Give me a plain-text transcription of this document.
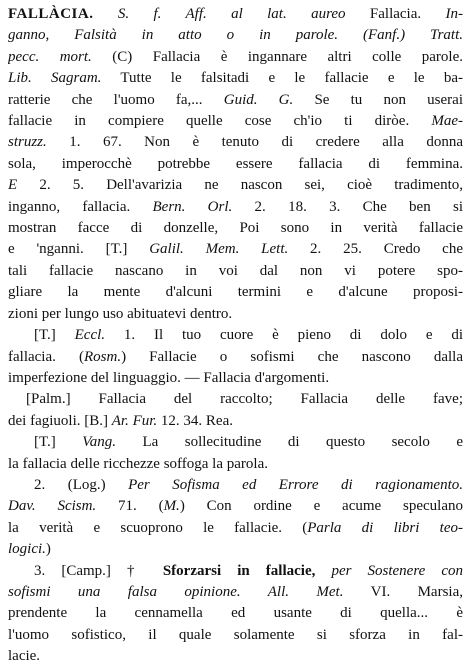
FALLÀCIA. S. f. Aff. al lat. aureo Fallacia. In-
ganno, Falsità in atto o in parole. (Fanf.) Tratt.
pecc. mort. (C) Fallacia è ingannare altri colle parole.
Lib. Sagram. Tutte le falsitadi e le fallacie e le ba-
ratterie che l'uomo fa,... Guid. G. Se tu non userai
fallacie in compiere quelle cose ch'io ti diròe. Mae-
struzz. 1. 67. Non è tenuto di credere alla donna
sola, imperocchè potrebbe essere fallacia di femmina.
E 2. 5. Dell'avarizia ne nascon sei, cioè tradimento,
inganno, fallacia. Bern. Orl. 2. 18. 3. Che ben si
mostran facce di donzelle, Poi sono in verità fallacie
e 'nganni. [T.] Galil. Mem. Lett. 2. 25. Credo che
tali fallacie nascano in voi dal non vi potere spo-
gliare la mente d'alcuni termini e d'alcune proposi-
zioni per lungo uso abituatevi dentro.
[T.] Eccl. 1. Il tuo cuore è pieno di dolo e di
fallacia. (Rosm.) Fallacie o sofismi che nascono dalla
imperfezione del linguaggio. — Fallacia d'argomenti.
[Palm.] Fallacia del raccolto; Fallacia delle fave;
dei fagiuoli. [B.] Ar. Fur. 12. 34. Rea.
[T.] Vang. La sollecitudine di questo secolo e
la fallacia delle ricchezze soffoga la parola.
2. (Log.) Per Sofisma ed Errore di ragionamento.
Dav. Scism. 71. (M.) Con ordine e acume speculano
la verità e scuoprono le fallacie. (Parla di libri teo-
logici.)
3. [Camp.] † Sforzarsi in fallacie, per Sostenere con
sofismi una falsa opinione. All. Met. VI. Marsia,
prendente la cennamella ed usante di quella... è
l'uomo sofistico, il quale solamente si sforza in fal-
lacie.
